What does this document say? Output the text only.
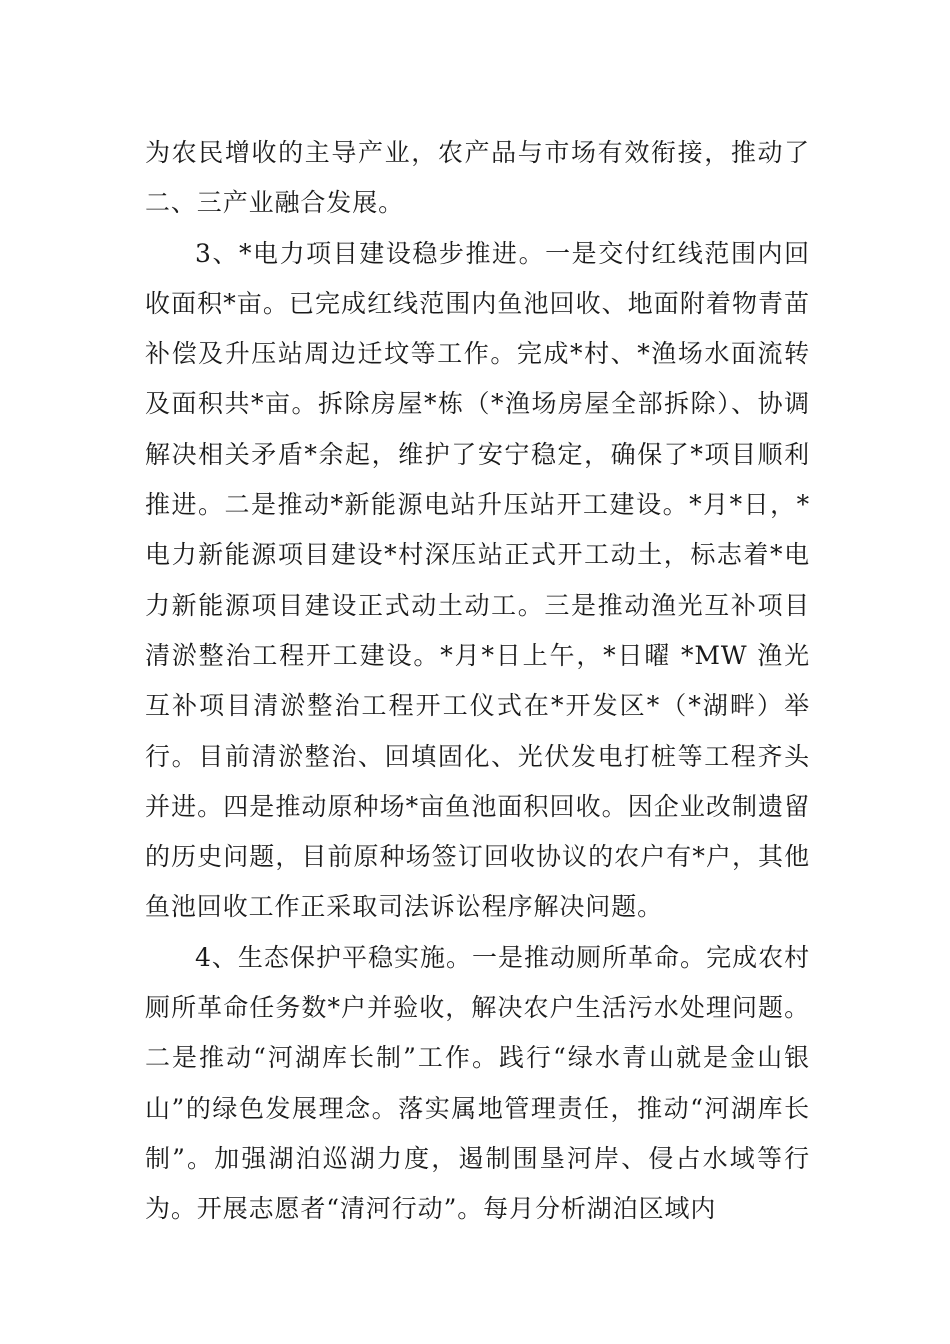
为农民增收的主导产业，农产品与市场有效衔接，推动了二、三产业融合发展。

3、*电力项目建设稳步推进。一是交付红线范围内回收面积*亩。已完成红线范围内鱼池回收、地面附着物青苗补偿及升压站周边迁坟等工作。完成*村、*渔场水面流转及面积共*亩。拆除房屋*栋（*渔场房屋全部拆除）、协调解决相关矛盾*余起，维护了安宁稳定，确保了*项目顺利推进。二是推动*新能源电站升压站开工建设。*月*日，*电力新能源项目建设*村深压站正式开工动土，标志着*电力新能源项目建设正式动土动工。三是推动渔光互补项目清淤整治工程开工建设。*月*日上午，*日曜 *MW 渔光互补项目清淤整治工程开工仪式在*开发区*（*湖畔）举行。目前清淤整治、回填固化、光伏发电打桩等工程齐头并进。四是推动原种场*亩鱼池面积回收。因企业改制遗留的历史问题，目前原种场签订回收协议的农户有*户，其他鱼池回收工作正采取司法诉讼程序解决问题。

4、生态保护平稳实施。一是推动厕所革命。完成农村厕所革命任务数*户并验收，解决农户生活污水处理问题。二是推动“河湖库长制”工作。践行“绿水青山就是金山银山”的绿色发展理念。落实属地管理责任，推动“河湖库长制”。加强湖泊巡湖力度，遏制围垦河岸、侵占水域等行为。开展志愿者“清河行动”。每月分析湖泊区域内
